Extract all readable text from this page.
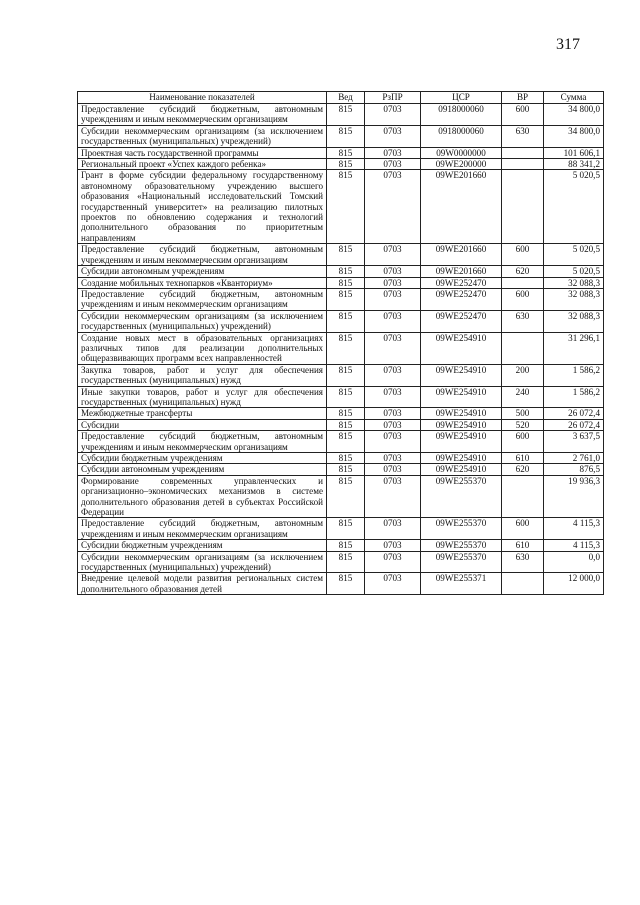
317
Наименование показателей	Вед	РзПР	ЦСР	ВР	Сумма
Предоставление субсидий бюджетным, автономным учреждениям и иным некоммерческим организациям	815	0703	0918000060	600	34 800,0
Субсидии некоммерческим организациям (за исключением государственных (муниципальных) учреждений)	815	0703	0918000060	630	34 800,0
Проектная часть государственной программы	815	0703	09W0000000		101 606,1
Региональный проект «Успех каждого ребенка»	815	0703	09WE200000		88 341,2
Грант в форме субсидии федеральному государственному автономному образовательному учреждению высшего образования «Национальный исследовательский Томский государственный университет» на реализацию пилотных проектов по обновлению содержания и технологий дополнительного образования по приоритетным направлениям	815	0703	09WE201660		5 020,5
Предоставление субсидий бюджетным, автономным учреждениям и иным некоммерческим организациям	815	0703	09WE201660	600	5 020,5
Субсидии автономным учреждениям	815	0703	09WE201660	620	5 020,5
Создание мобильных технопарков «Кванториум»	815	0703	09WE252470		32 088,3
Предоставление субсидий бюджетным, автономным учреждениям и иным некоммерческим организациям	815	0703	09WE252470	600	32 088,3
Субсидии некоммерческим организациям (за исключением государственных (муниципальных) учреждений)	815	0703	09WE252470	630	32 088,3
Создание новых мест в образовательных организациях различных типов для реализации дополнительных общеразвивающих программ всех направленностей	815	0703	09WE254910		31 296,1
Закупка товаров, работ и услуг для обеспечения государственных (муниципальных) нужд	815	0703	09WE254910	200	1 586,2
Иные закупки товаров, работ и услуг для обеспечения государственных (муниципальных) нужд	815	0703	09WE254910	240	1 586,2
Межбюджетные трансферты	815	0703	09WE254910	500	26 072,4
Субсидии	815	0703	09WE254910	520	26 072,4
Предоставление субсидий бюджетным, автономным учреждениям и иным некоммерческим организациям	815	0703	09WE254910	600	3 637,5
Субсидии бюджетным учреждениям	815	0703	09WE254910	610	2 761,0
Субсидии автономным учреждениям	815	0703	09WE254910	620	876,5
Формирование современных управленческих и организационно–экономических механизмов в системе дополнительного образования детей в субъектах Российской Федерации	815	0703	09WE255370		19 936,3
Предоставление субсидий бюджетным, автономным учреждениям и иным некоммерческим организациям	815	0703	09WE255370	600	4 115,3
Субсидии бюджетным учреждениям	815	0703	09WE255370	610	4 115,3
Субсидии некоммерческим организациям (за исключением государственных (муниципальных) учреждений)	815	0703	09WE255370	630	0,0
Внедрение целевой модели развития региональных систем дополнительного образования детей	815	0703	09WE255371		12 000,0
